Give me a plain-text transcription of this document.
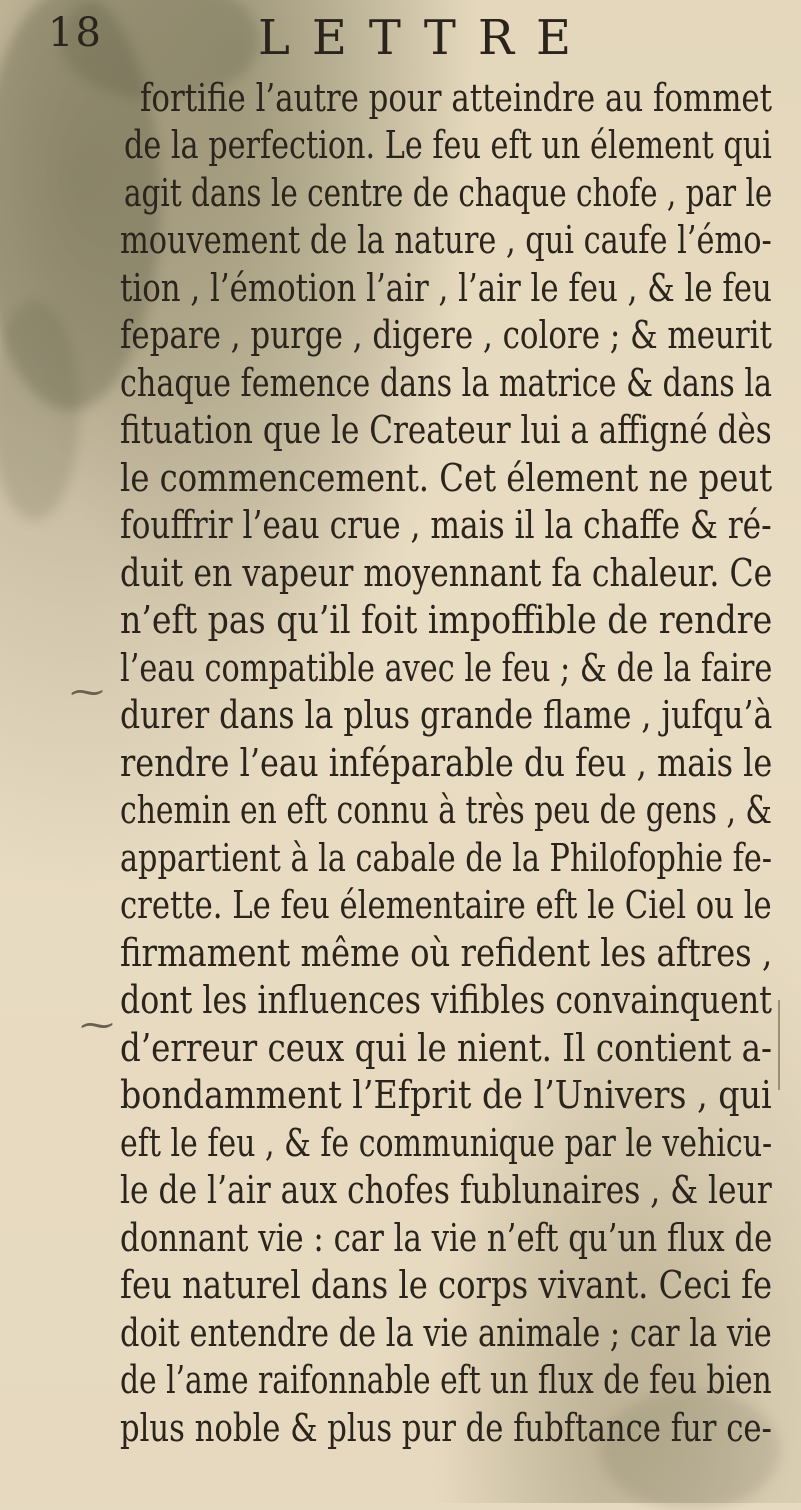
18	LETTRE
fortifie l’autre pour atteindre au fommet
de la perfection. Le feu eft un élement qui
agit dans le centre de chaque chofe , par le
mouvement de la nature , qui caufe l’émo-
tion , l’émotion l’air , l’air le feu , & le feu
fepare , purge , digere , colore ; & meurit
chaque femence dans la matrice & dans la
fituation que le Createur lui a affigné dès
le commencement. Cet élement ne peut
fouffrir l’eau crue , mais il la chaffe & ré-
duit en vapeur moyennant fa chaleur. Ce
n’eft pas qu’il foit impoffible de rendre
l’eau compatible avec le feu ; & de la faire
durer dans la plus grande flame , jufqu’à
rendre l’eau inféparable du feu , mais le
chemin en eft connu à très peu de gens , &
appartient à la cabale de la Philofophie fe-
crette. Le feu élementaire eft le Ciel ou le
firmament même où refident les aftres ,
dont les influences vifibles convainquent
d’erreur ceux qui le nient. Il contient a-
bondamment l’Efprit de l’Univers , qui
eft le feu , & fe communique par le vehicu-
le de l’air aux chofes fublunaires , & leur
donnant vie : car la vie n’eft qu’un flux de
feu naturel dans le corps vivant. Ceci fe
doit entendre de la vie animale ; car la vie
de l’ame raifonnable eft un flux de feu bien
plus noble & plus pur de fubftance fur ce-
⁓
⁓
